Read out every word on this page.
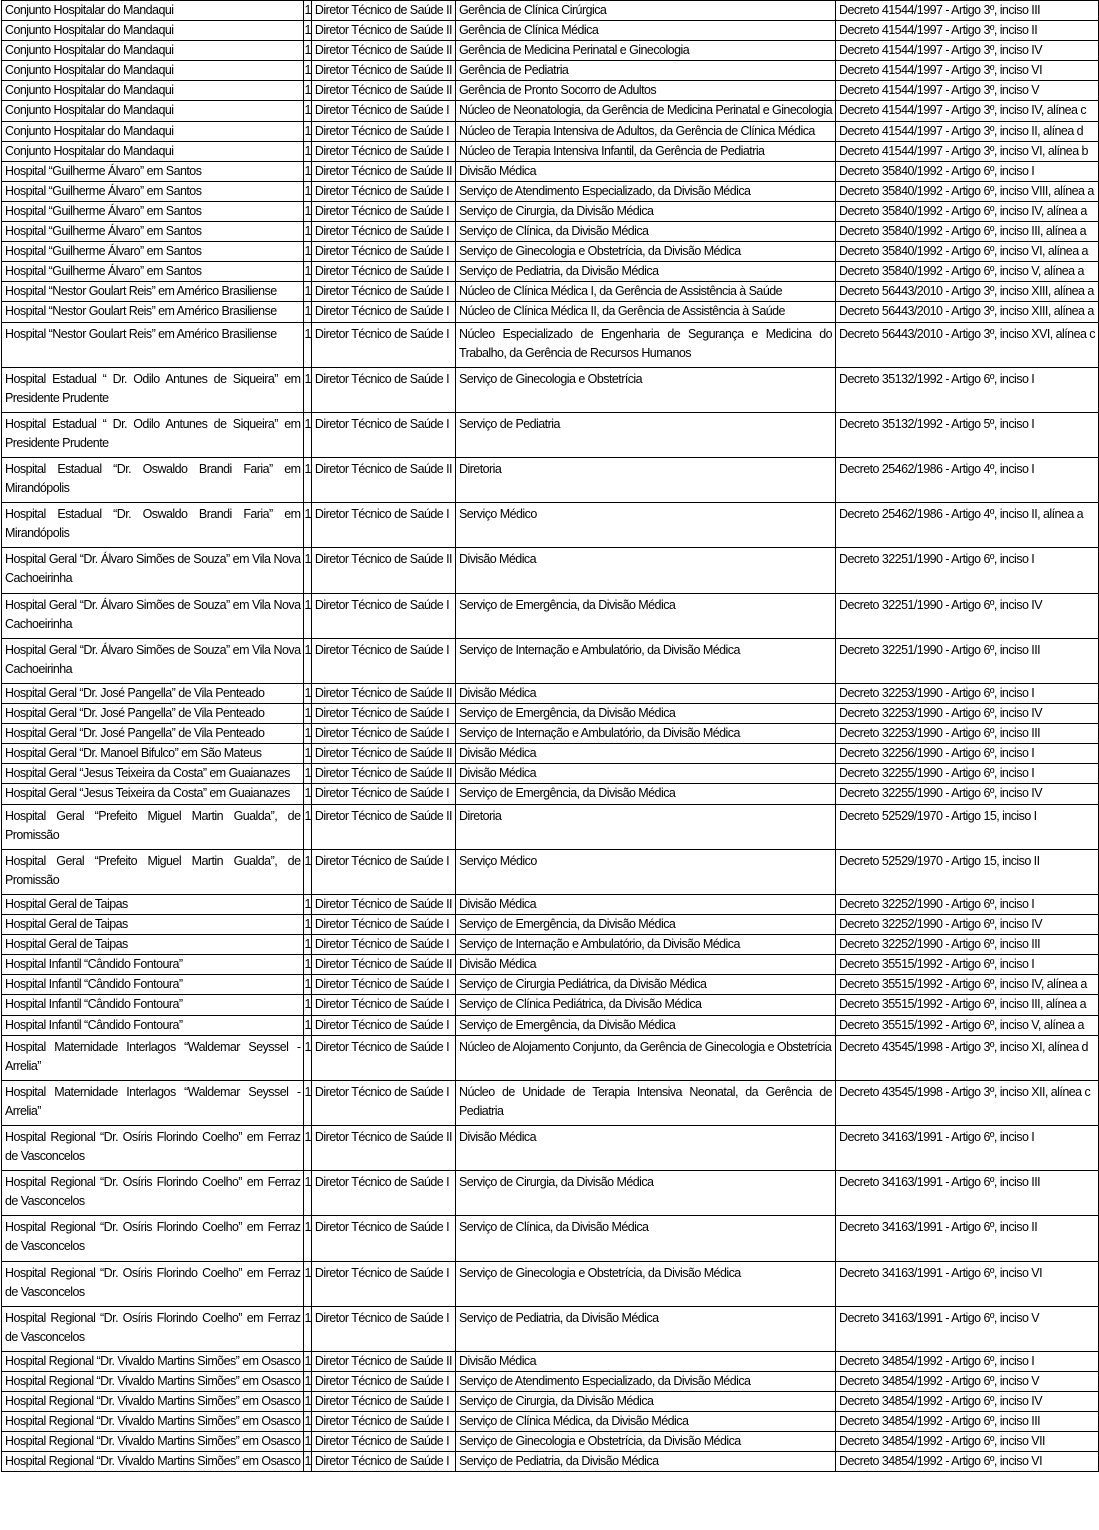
Conjunto Hospitalar do Mandaqui	1	Diretor Técnico de Saúde II	Gerência de Clínica Cirúrgica	Decreto 41544/1997 - Artigo 3º, inciso III
Conjunto Hospitalar do Mandaqui	1	Diretor Técnico de Saúde II	Gerência de Clínica Médica	Decreto 41544/1997 - Artigo 3º, inciso II
Conjunto Hospitalar do Mandaqui	1	Diretor Técnico de Saúde II	Gerência de Medicina Perinatal e Ginecologia	Decreto 41544/1997 - Artigo 3º, inciso IV
Conjunto Hospitalar do Mandaqui	1	Diretor Técnico de Saúde II	Gerência de Pediatria	Decreto 41544/1997 - Artigo 3º, inciso VI
Conjunto Hospitalar do Mandaqui	1	Diretor Técnico de Saúde II	Gerência de Pronto Socorro de Adultos	Decreto 41544/1997 - Artigo 3º, inciso V
Conjunto Hospitalar do Mandaqui	1	Diretor Técnico de Saúde I	Núcleo de Neonatologia, da Gerência de Medicina Perinatal e Ginecologia	Decreto 41544/1997 - Artigo 3º, inciso IV, alínea c
Conjunto Hospitalar do Mandaqui	1	Diretor Técnico de Saúde I	Núcleo de Terapia Intensiva de Adultos, da Gerência de Clínica Médica	Decreto 41544/1997 - Artigo 3º, inciso II, alínea d
Conjunto Hospitalar do Mandaqui	1	Diretor Técnico de Saúde I	Núcleo de Terapia Intensiva Infantil, da Gerência de Pediatria	Decreto 41544/1997 - Artigo 3º, inciso VI, alínea b
Hospital “Guilherme Álvaro” em Santos	1	Diretor Técnico de Saúde II	Divisão Médica	Decreto 35840/1992 - Artigo 6º, inciso I
Hospital “Guilherme Álvaro” em Santos	1	Diretor Técnico de Saúde I	Serviço de Atendimento Especializado, da Divisão Médica	Decreto 35840/1992 - Artigo 6º, inciso VIII, alínea a
Hospital “Guilherme Álvaro” em Santos	1	Diretor Técnico de Saúde I	Serviço de Cirurgia, da Divisão Médica	Decreto 35840/1992 - Artigo 6º, inciso IV, alínea a
Hospital “Guilherme Álvaro” em Santos	1	Diretor Técnico de Saúde I	Serviço de Clínica, da Divisão Médica	Decreto 35840/1992 - Artigo 6º, inciso III, alínea a
Hospital “Guilherme Álvaro” em Santos	1	Diretor Técnico de Saúde I	Serviço de Ginecologia e Obstetrícia, da Divisão Médica	Decreto 35840/1992 - Artigo 6º, inciso VI, alínea a
Hospital “Guilherme Álvaro” em Santos	1	Diretor Técnico de Saúde I	Serviço de Pediatria, da Divisão Médica	Decreto 35840/1992 - Artigo 6º, inciso V, alínea a
Hospital “Nestor Goulart Reis” em Américo Brasiliense	1	Diretor Técnico de Saúde I	Núcleo de Clínica Médica I, da Gerência de Assistência à Saúde	Decreto 56443/2010 - Artigo 3º, inciso XIII, alínea a
Hospital “Nestor Goulart Reis” em Américo Brasiliense	1	Diretor Técnico de Saúde I	Núcleo de Clínica Médica II, da Gerência de Assistência à Saúde	Decreto 56443/2010 - Artigo 3º, inciso XIII, alínea a
Hospital “Nestor Goulart Reis” em Américo Brasiliense	1	Diretor Técnico de Saúde I	Núcleo Especializado de Engenharia de Segurança e Medicina do Trabalho, da Gerência de Recursos Humanos	Decreto 56443/2010 - Artigo 3º, inciso XVI, alínea c
Hospital Estadual “ Dr. Odilo Antunes de Siqueira” em Presidente Prudente	1	Diretor Técnico de Saúde I	Serviço de Ginecologia e Obstetrícia	Decreto 35132/1992 - Artigo 6º, inciso I
Hospital Estadual “ Dr. Odilo Antunes de Siqueira” em Presidente Prudente	1	Diretor Técnico de Saúde I	Serviço de Pediatria	Decreto 35132/1992 - Artigo 5º, inciso I
Hospital Estadual “Dr. Oswaldo Brandi Faria” em Mirandópolis	1	Diretor Técnico de Saúde II	Diretoria	Decreto 25462/1986 - Artigo 4º, inciso I
Hospital Estadual “Dr. Oswaldo Brandi Faria” em Mirandópolis	1	Diretor Técnico de Saúde I	Serviço Médico	Decreto 25462/1986 - Artigo 4º, inciso II, alínea a
Hospital Geral “Dr. Álvaro Simões de Souza” em Vila Nova Cachoeirinha	1	Diretor Técnico de Saúde II	Divisão Médica	Decreto 32251/1990 - Artigo 6º, inciso I
Hospital Geral “Dr. Álvaro Simões de Souza” em Vila Nova Cachoeirinha	1	Diretor Técnico de Saúde I	Serviço de Emergência, da Divisão Médica	Decreto 32251/1990 - Artigo 6º, inciso IV
Hospital Geral “Dr. Álvaro Simões de Souza” em Vila Nova Cachoeirinha	1	Diretor Técnico de Saúde I	Serviço de Internação e Ambulatório, da Divisão Médica	Decreto 32251/1990 - Artigo 6º, inciso III
Hospital Geral “Dr. José Pangella” de Vila Penteado	1	Diretor Técnico de Saúde II	Divisão Médica	Decreto 32253/1990 - Artigo 6º, inciso I
Hospital Geral “Dr. José Pangella” de Vila Penteado	1	Diretor Técnico de Saúde I	Serviço de Emergência, da Divisão Médica	Decreto 32253/1990 - Artigo 6º, inciso IV
Hospital Geral “Dr. José Pangella” de Vila Penteado	1	Diretor Técnico de Saúde I	Serviço de Internação e Ambulatório, da Divisão Médica	Decreto 32253/1990 - Artigo 6º, inciso III
Hospital Geral “Dr. Manoel Bifulco” em São Mateus	1	Diretor Técnico de Saúde II	Divisão Médica	Decreto 32256/1990 - Artigo 6º, inciso I
Hospital Geral “Jesus Teixeira da Costa” em Guaianazes	1	Diretor Técnico de Saúde II	Divisão Médica	Decreto 32255/1990 - Artigo 6º, inciso I
Hospital Geral “Jesus Teixeira da Costa” em Guaianazes	1	Diretor Técnico de Saúde I	Serviço de Emergência, da Divisão Médica	Decreto 32255/1990 - Artigo 6º, inciso IV
Hospital Geral “Prefeito Miguel Martin Gualda”, de Promissão	1	Diretor Técnico de Saúde II	Diretoria	Decreto 52529/1970 - Artigo 15, inciso I
Hospital Geral “Prefeito Miguel Martin Gualda”, de Promissão	1	Diretor Técnico de Saúde I	Serviço Médico	Decreto 52529/1970 - Artigo 15, inciso II
Hospital Geral de Taipas	1	Diretor Técnico de Saúde II	Divisão Médica	Decreto 32252/1990 - Artigo 6º, inciso I
Hospital Geral de Taipas	1	Diretor Técnico de Saúde I	Serviço de Emergência, da Divisão Médica	Decreto 32252/1990 - Artigo 6º, inciso IV
Hospital Geral de Taipas	1	Diretor Técnico de Saúde I	Serviço de Internação e Ambulatório, da Divisão Médica	Decreto 32252/1990 - Artigo 6º, inciso III
Hospital Infantil “Cândido Fontoura”	1	Diretor Técnico de Saúde II	Divisão Médica	Decreto 35515/1992 - Artigo 6º, inciso I
Hospital Infantil “Cândido Fontoura”	1	Diretor Técnico de Saúde I	Serviço de Cirurgia Pediátrica, da Divisão Médica	Decreto 35515/1992 - Artigo 6º, inciso IV, alínea a
Hospital Infantil “Cândido Fontoura”	1	Diretor Técnico de Saúde I	Serviço de Clínica Pediátrica, da Divisão Médica	Decreto 35515/1992 - Artigo 6º, inciso III, alínea a
Hospital Infantil “Cândido Fontoura”	1	Diretor Técnico de Saúde I	Serviço de Emergência, da Divisão Médica	Decreto 35515/1992 - Artigo 6º, inciso V, alínea a
Hospital Maternidade Interlagos “Waldemar Seyssel - Arrelia”	1	Diretor Técnico de Saúde I	Núcleo de Alojamento Conjunto, da Gerência de Ginecologia e Obstetrícia	Decreto 43545/1998 - Artigo 3º, inciso XI, alínea d
Hospital Maternidade Interlagos “Waldemar Seyssel - Arrelia”	1	Diretor Técnico de Saúde I	Núcleo de Unidade de Terapia Intensiva Neonatal, da Gerência de Pediatria	Decreto 43545/1998 - Artigo 3º, inciso XII, alínea c
Hospital Regional “Dr. Osíris Florindo Coelho” em Ferraz de Vasconcelos	1	Diretor Técnico de Saúde II	Divisão Médica	Decreto 34163/1991 - Artigo 6º, inciso I
Hospital Regional “Dr. Osíris Florindo Coelho” em Ferraz de Vasconcelos	1	Diretor Técnico de Saúde I	Serviço de Cirurgia, da Divisão Médica	Decreto 34163/1991 - Artigo 6º, inciso III
Hospital Regional “Dr. Osíris Florindo Coelho” em Ferraz de Vasconcelos	1	Diretor Técnico de Saúde I	Serviço de Clínica, da Divisão Médica	Decreto 34163/1991 - Artigo 6º, inciso II
Hospital Regional “Dr. Osíris Florindo Coelho” em Ferraz de Vasconcelos	1	Diretor Técnico de Saúde I	Serviço de Ginecologia e Obstetrícia, da Divisão Médica	Decreto 34163/1991 - Artigo 6º, inciso VI
Hospital Regional “Dr. Osíris Florindo Coelho” em Ferraz de Vasconcelos	1	Diretor Técnico de Saúde I	Serviço de Pediatria, da Divisão Médica	Decreto 34163/1991 - Artigo 6º, inciso V
Hospital Regional “Dr. Vivaldo Martins Simões” em Osasco	1	Diretor Técnico de Saúde II	Divisão Médica	Decreto 34854/1992 - Artigo 6º, inciso I
Hospital Regional “Dr. Vivaldo Martins Simões” em Osasco	1	Diretor Técnico de Saúde I	Serviço de Atendimento Especializado, da Divisão Médica	Decreto 34854/1992 - Artigo 6º, inciso V
Hospital Regional “Dr. Vivaldo Martins Simões” em Osasco	1	Diretor Técnico de Saúde I	Serviço de Cirurgia, da Divisão Médica	Decreto 34854/1992 - Artigo 6º, inciso IV
Hospital Regional “Dr. Vivaldo Martins Simões” em Osasco	1	Diretor Técnico de Saúde I	Serviço de Clínica Médica, da Divisão Médica	Decreto 34854/1992 - Artigo 6º, inciso III
Hospital Regional “Dr. Vivaldo Martins Simões” em Osasco	1	Diretor Técnico de Saúde I	Serviço de Ginecologia e Obstetrícia, da Divisão Médica	Decreto 34854/1992 - Artigo 6º, inciso VII
Hospital Regional “Dr. Vivaldo Martins Simões” em Osasco	1	Diretor Técnico de Saúde I	Serviço de Pediatria, da Divisão Médica	Decreto 34854/1992 - Artigo 6º, inciso VI
